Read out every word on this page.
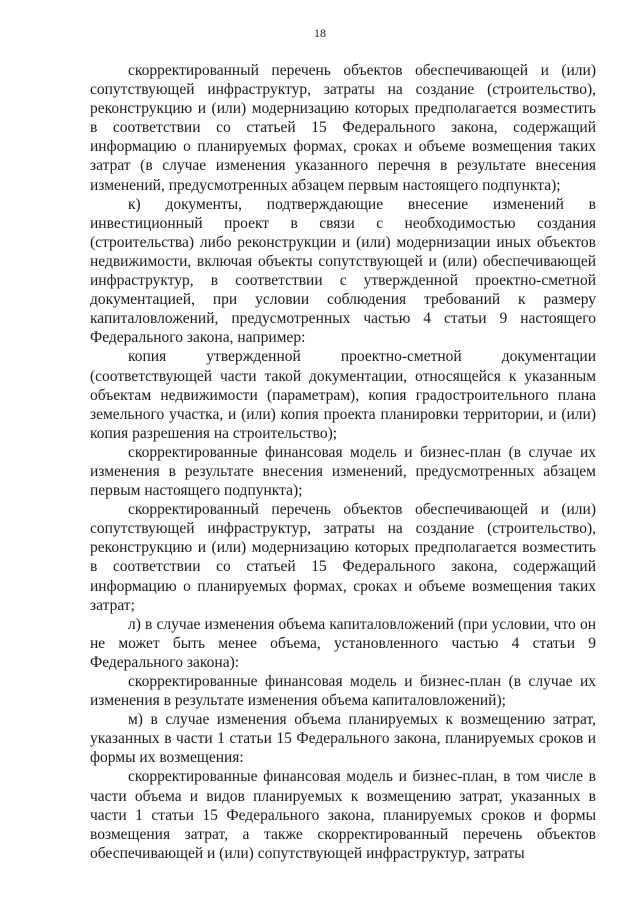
18

скорректированный перечень объектов обеспечивающей и (или) сопутствующей инфраструктур, затраты на создание (строительство), реконструкцию и (или) модернизацию которых предполагается возместить в соответствии со статьей 15 Федерального закона, содержащий информацию о планируемых формах, сроках и объеме возмещения таких затрат (в случае изменения указанного перечня в результате внесения изменений, предусмотренных абзацем первым настоящего подпункта);

к) документы, подтверждающие внесение изменений в инвестиционный проект в связи с необходимостью создания (строительства) либо реконструкции и (или) модернизации иных объектов недвижимости, включая объекты сопутствующей и (или) обеспечивающей инфраструктур, в соответствии с утвержденной проектно-сметной документацией, при условии соблюдения требований к размеру капиталовложений, предусмотренных частью 4 статьи 9 настоящего Федерального закона, например:

копия утвержденной проектно-сметной документации (соответствующей части такой документации, относящейся к указанным объектам недвижимости (параметрам), копия градостроительного плана земельного участка, и (или) копия проекта планировки территории, и (или) копия разрешения на строительство);

скорректированные финансовая модель и бизнес-план (в случае их изменения в результате внесения изменений, предусмотренных абзацем первым настоящего подпункта);

скорректированный перечень объектов обеспечивающей и (или) сопутствующей инфраструктур, затраты на создание (строительство), реконструкцию и (или) модернизацию которых предполагается возместить в соответствии со статьей 15 Федерального закона, содержащий информацию о планируемых формах, сроках и объеме возмещения таких затрат;

л) в случае изменения объема капиталовложений (при условии, что он не может быть менее объема, установленного частью 4 статьи 9 Федерального закона):

скорректированные финансовая модель и бизнес-план (в случае их изменения в результате изменения объема капиталовложений);

м) в случае изменения объема планируемых к возмещению затрат, указанных в части 1 статьи 15 Федерального закона, планируемых сроков и формы их возмещения:

скорректированные финансовая модель и бизнес-план, в том числе в части объема и видов планируемых к возмещению затрат, указанных в части 1 статьи 15 Федерального закона, планируемых сроков и формы возмещения затрат, а также скорректированный перечень объектов обеспечивающей и (или) сопутствующей инфраструктур, затраты
